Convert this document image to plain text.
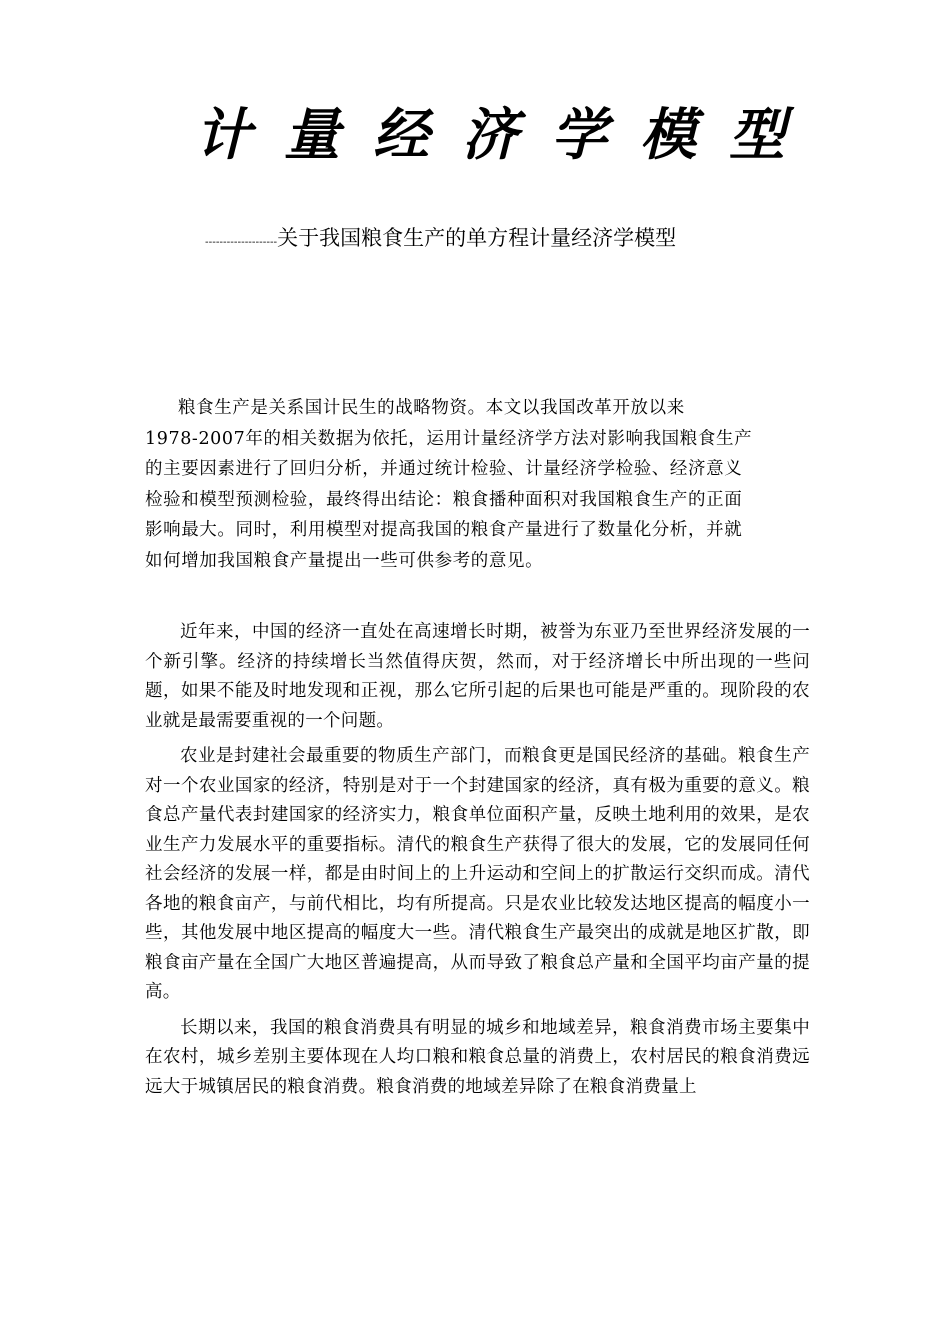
计 量 经 济 学 模 型
-------------------- 关于我国粮食生产的单方程计量经济学模型
粮食生产是关系国计民生的战略物资。本文以我国改革开放以来
1978-2007年的相关数据为依托，运用计量经济学方法对影响我国粮食生产
的主要因素进行了回归分析，并通过统计检验、计量经济学检验、经济意义
检验和模型预测检验，最终得出结论：粮食播种面积对我国粮食生产的正面
影响最大。同时，利用模型对提高我国的粮食产量进行了数量化分析，并就
如何增加我国粮食产量提出一些可供参考的意见。

近年来，中国的经济一直处在高速增长时期，被誉为东亚乃至世界经济发展的一个新引擎。经济的持续增长当然值得庆贺，然而，对于经济增长中所出现的一些问题，如果不能及时地发现和正视，那么它所引起的后果也可能是严重的。现阶段的农业就是最需要重视的一个问题。

农业是封建社会最重要的物质生产部门，而粮食更是国民经济的基础。粮食生产对一个农业国家的经济，特别是对于一个封建国家的经济，真有极为重要的意义。粮食总产量代表封建国家的经济实力，粮食单位面积产量，反映土地利用的效果，是农业生产力发展水平的重要指标。清代的粮食生产获得了很大的发展，它的发展同任何社会经济的发展一样，都是由时间上的上升运动和空间上的扩散运行交织而成。清代各地的粮食亩产，与前代相比，均有所提高。只是农业比较发达地区提高的幅度小一些，其他发展中地区提高的幅度大一些。清代粮食生产最突出的成就是地区扩散，即粮食亩产量在全国广大地区普遍提高，从而导致了粮食总产量和全国平均亩产量的提高。

长期以来，我国的粮食消费具有明显的城乡和地域差异，粮食消费市场主要集中在农村，城乡差别主要体现在人均口粮和粮食总量的消费上，农村居民的粮食消费远远大于城镇居民的粮食消费。粮食消费的地域差异除了在粮食消费量上
